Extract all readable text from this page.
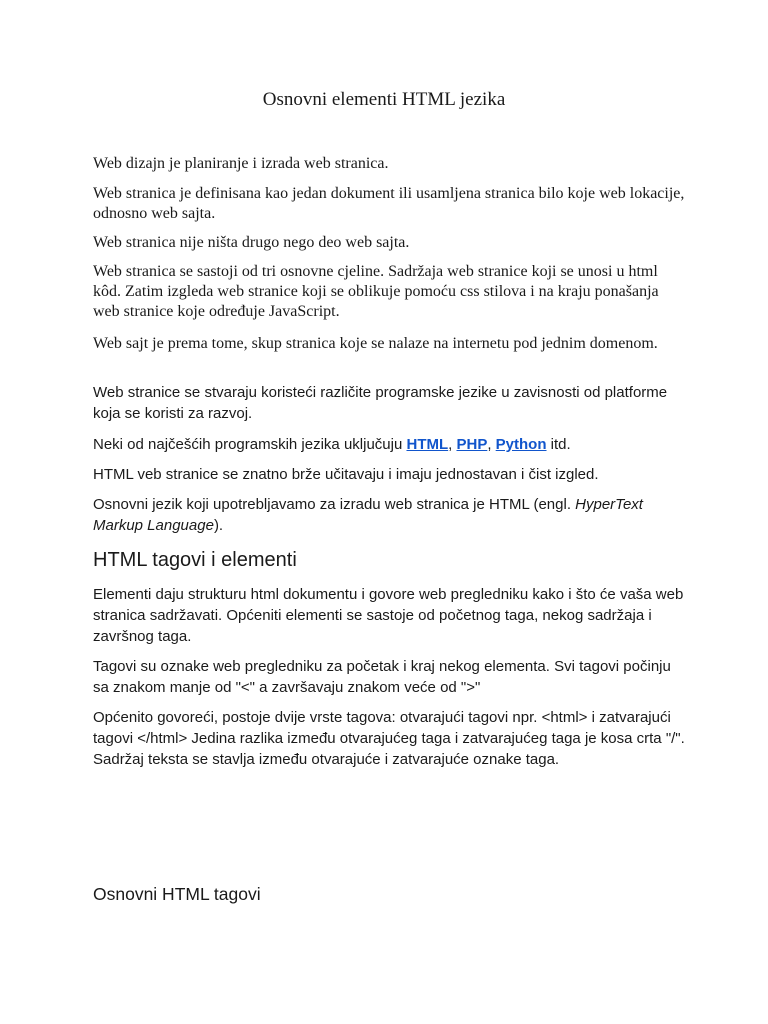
Osnovni elementi HTML jezika

Web dizajn je planiranje i izrada web stranica.

Web stranica je definisana kao jedan dokument ili usamljena stranica bilo koje web lokacije, odnosno web sajta.

Web stranica nije ništa drugo nego deo web sajta.

Web stranica se sastoji od tri osnovne cjeline. Sadržaja web stranice koji se unosi u html kôd. Zatim izgleda web stranice koji se oblikuje pomoću css stilova i na kraju ponašanja web stranice koje određuje JavaScript.

Web sajt je prema tome, skup stranica koje se nalaze na internetu pod jednim domenom.

Web stranice se stvaraju koristeći različite programske jezike u zavisnosti od platforme koja se koristi za razvoj.

Neki od najčešćih programskih jezika uključuju HTML, PHP, Python itd.

HTML veb stranice se znatno brže učitavaju i imaju jednostavan i čist izgled.

Osnovni jezik koji upotrebljavamo za izradu web stranica je HTML (engl. HyperText Markup Language).

HTML tagovi i elementi

Elementi daju strukturu html dokumentu i govore web pregledniku kako i što će vaša web stranica sadržavati. Općeniti elementi se sastoje od početnog taga, nekog sadržaja i završnog taga.

Tagovi su oznake web pregledniku za početak i kraj nekog elementa. Svi tagovi počinju sa znakom manje od "<" a završavaju znakom veće od ">"

Općenito govoreći, postoje dvije vrste tagova: otvarajući tagovi npr. <html> i zatvarajući tagovi </html> Jedina razlika između otvarajućeg taga i zatvarajućeg taga je kosa crta "/". Sadržaj teksta se stavlja između otvarajuće i zatvarajuće oznake taga.

Osnovni HTML tagovi
